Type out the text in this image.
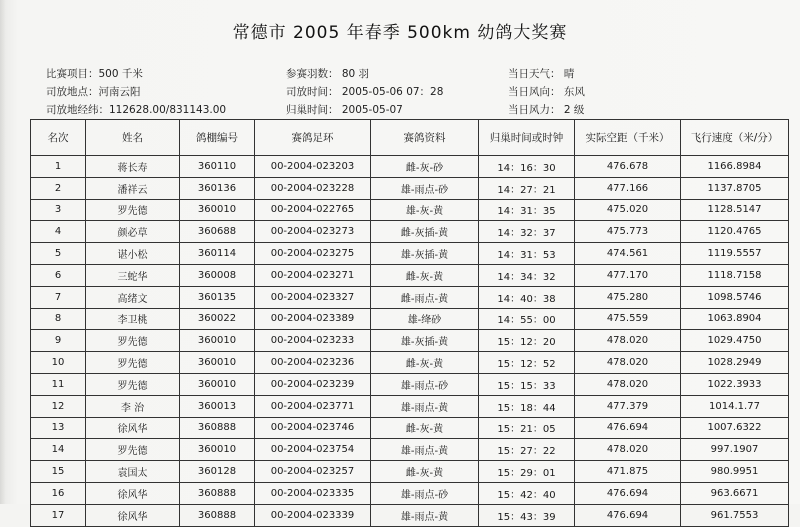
常德市 2005 年春季 500km 幼鸽大奖赛
比赛项目：500 千米
司放地点：河南云阳
司放地经纬：112628.00/831143.00
参赛羽数： 80 羽
司放时间： 2005-05-06 07：28
归巢时间： 2005-05-07
当日天气： 晴
当日风向： 东风
当日风力： 2 级
名次	姓名	鸽棚编号	赛鸽足环	赛鸽资料	归巢时间或时钟	实际空距（千米）	飞行速度（米/分）
1	蒋长寿	360110	00-2004-023203	雌-灰-砂	14：16：30	476.678	1166.8984
2	潘祥云	360136	00-2004-023228	雄-雨点-砂	14：27：21	477.166	1137.8705
3	罗先德	360010	00-2004-022765	雄-灰-黄	14：31：35	475.020	1128.5147
4	颜必草	360688	00-2004-023273	雌-灰插-黄	14：32：37	475.773	1120.4765
5	谌小松	360114	00-2004-023275	雄-灰插-黄	14：31：53	474.561	1119.5557
6	三蛇华	360008	00-2004-023271	雌-灰-黄	14：34：32	477.170	1118.7158
7	高绪文	360135	00-2004-023327	雌-雨点-黄	14：40：38	475.280	1098.5746
8	李卫桃	360022	00-2004-023389	雄-绛砂	14：55：00	475.559	1063.8904
9	罗先德	360010	00-2004-023233	雄-灰插-黄	15：12：20	478.020	1029.4750
10	罗先德	360010	00-2004-023236	雌-灰-黄	15：12：52	478.020	1028.2949
11	罗先德	360010	00-2004-023239	雄-雨点-砂	15：15：33	478.020	1022.3933
12	李 治	360013	00-2004-023771	雄-雨点-黄	15：18：44	477.379	1014.1.77
13	徐风华	360888	00-2004-023746	雌-灰-黄	15：21：05	476.694	1007.6322
14	罗先德	360010	00-2004-023754	雄-雨点-黄	15：27：22	478.020	997.1907
15	袁国太	360128	00-2004-023257	雌-灰-黄	15：29：01	471.875	980.9951
16	徐风华	360888	00-2004-023335	雄-雨点-砂	15：42：40	476.694	963.6671
17	徐风华	360888	00-2004-023339	雄-雨点-黄	15：43：39	476.694	961.7553
